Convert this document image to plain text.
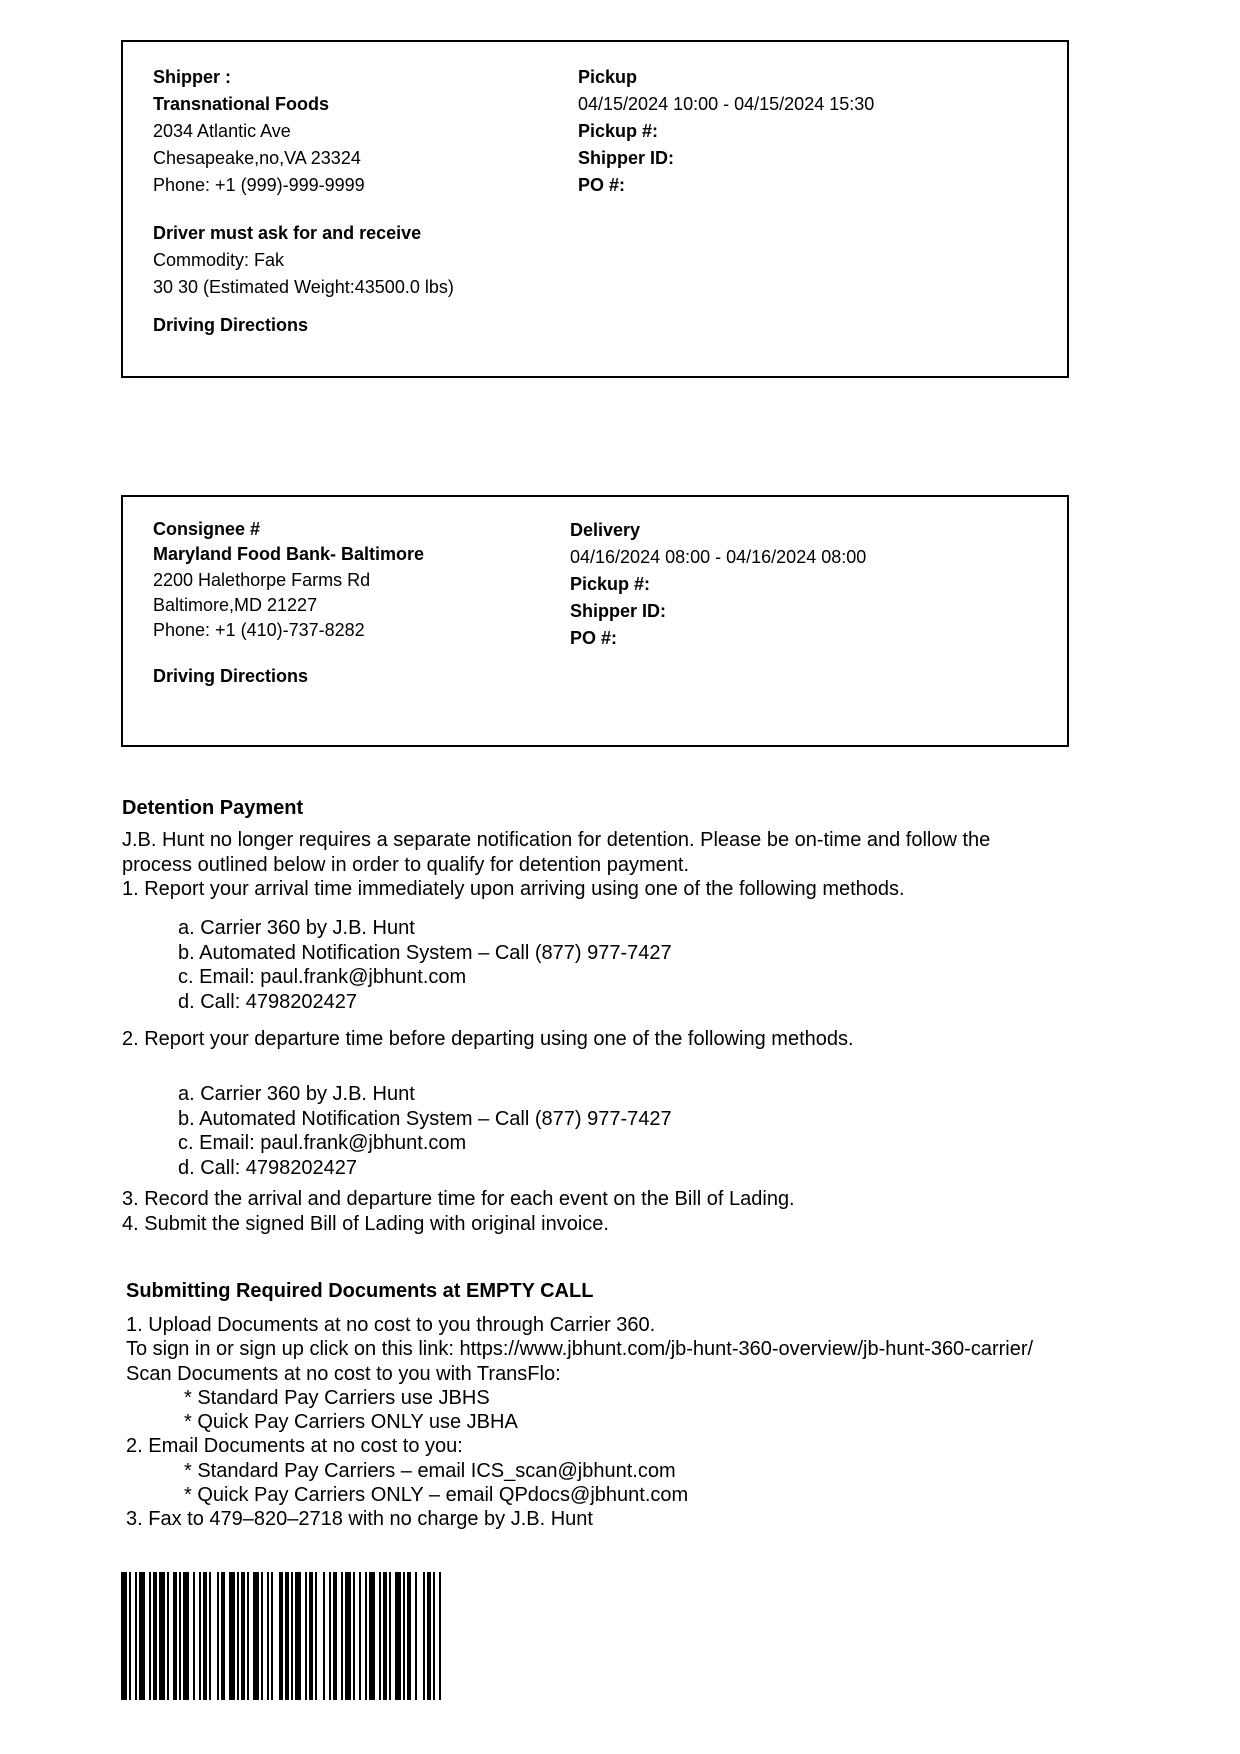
Shipper :
Transnational Foods
2034 Atlantic Ave
Chesapeake,no,VA 23324
Phone: +1 (999)-999-9999
Driver must ask for and receive
Commodity: Fak
30 30 (Estimated Weight:43500.0 lbs)
Driving Directions
Pickup
04/15/2024 10:00 - 04/15/2024 15:30
Pickup #:
Shipper ID:
PO #:
Consignee #
Maryland Food Bank- Baltimore
2200 Halethorpe Farms Rd
Baltimore,MD 21227
Phone: +1 (410)-737-8282
Driving Directions
Delivery
04/16/2024 08:00 - 04/16/2024 08:00
Pickup #:
Shipper ID:
PO #:
Detention Payment
J.B. Hunt no longer requires a separate notification for detention. Please be on-time and follow the
process outlined below in order to qualify for detention payment.
1. Report your arrival time immediately upon arriving using one of the following methods.
a. Carrier 360 by J.B. Hunt
b. Automated Notification System – Call (877) 977-7427
c. Email: paul.frank@jbhunt.com
d. Call: 4798202427
2. Report your departure time before departing using one of the following methods.
a. Carrier 360 by J.B. Hunt
b. Automated Notification System – Call (877) 977-7427
c. Email: paul.frank@jbhunt.com
d. Call: 4798202427
3. Record the arrival and departure time for each event on the Bill of Lading.
4. Submit the signed Bill of Lading with original invoice.
Submitting Required Documents at EMPTY CALL
1. Upload Documents at no cost to you through Carrier 360.
To sign in or sign up click on this link: https://www.jbhunt.com/jb-hunt-360-overview/jb-hunt-360-carrier/
Scan Documents at no cost to you with TransFlo:
* Standard Pay Carriers use JBHS
* Quick Pay Carriers ONLY use JBHA
2. Email Documents at no cost to you:
* Standard Pay Carriers – email ICS_scan@jbhunt.com
* Quick Pay Carriers ONLY – email QPdocs@jbhunt.com
3. Fax to 479–820–2718 with no charge by J.B. Hunt
